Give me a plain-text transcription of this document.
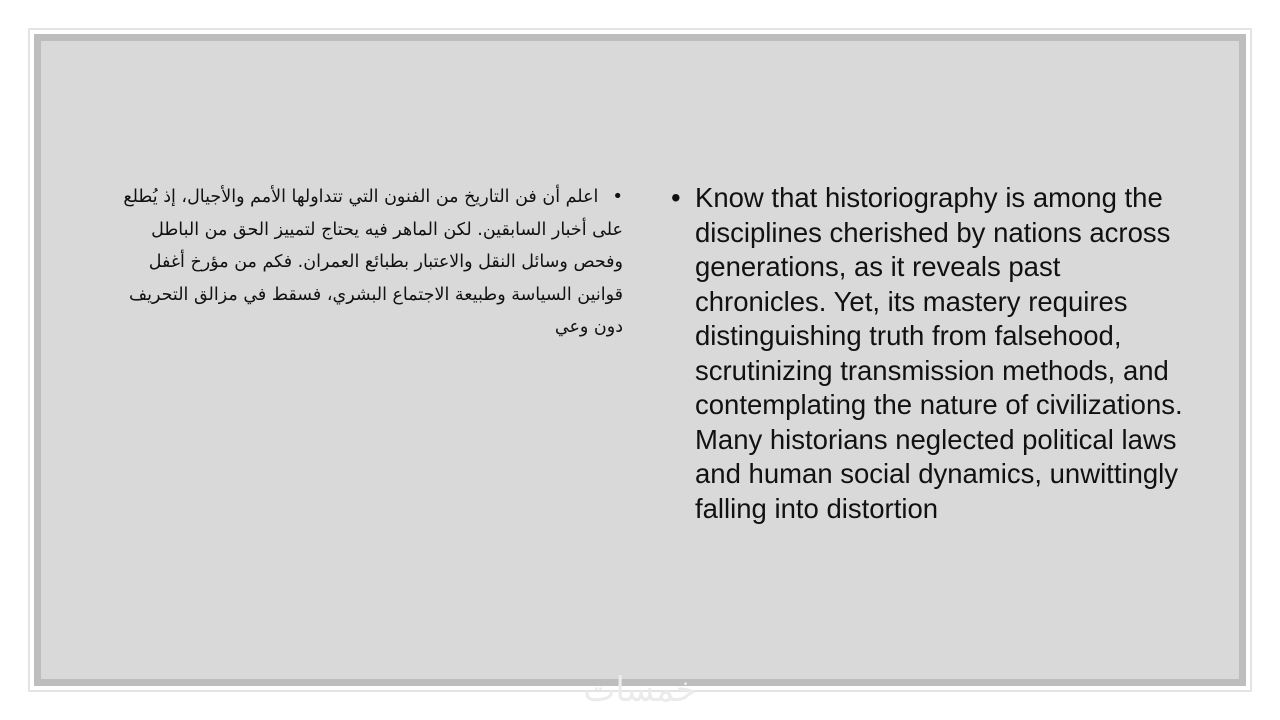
•اعلم أن فن التاريخ من الفنون التي تتداولها الأمم والأجيال، إذ يُطلع على أخبار السابقين. لكن الماهر فيه يحتاج لتمييز الحق من الباطل وفحص وسائل النقل والاعتبار بطبائع العمران. فكم من مؤرخ أغفل قوانين السياسة وطبيعة الاجتماع البشري، فسقط في مزالق التحريف دون وعي
• Know that historiography is among the disciplines cherished by nations across generations, as it reveals past chronicles. Yet, its mastery requires distinguishing truth from falsehood, scrutinizing transmission methods, and contemplating the nature of civilizations. Many historians neglected political laws and human social dynamics, unwittingly falling into distortion
خمسات
